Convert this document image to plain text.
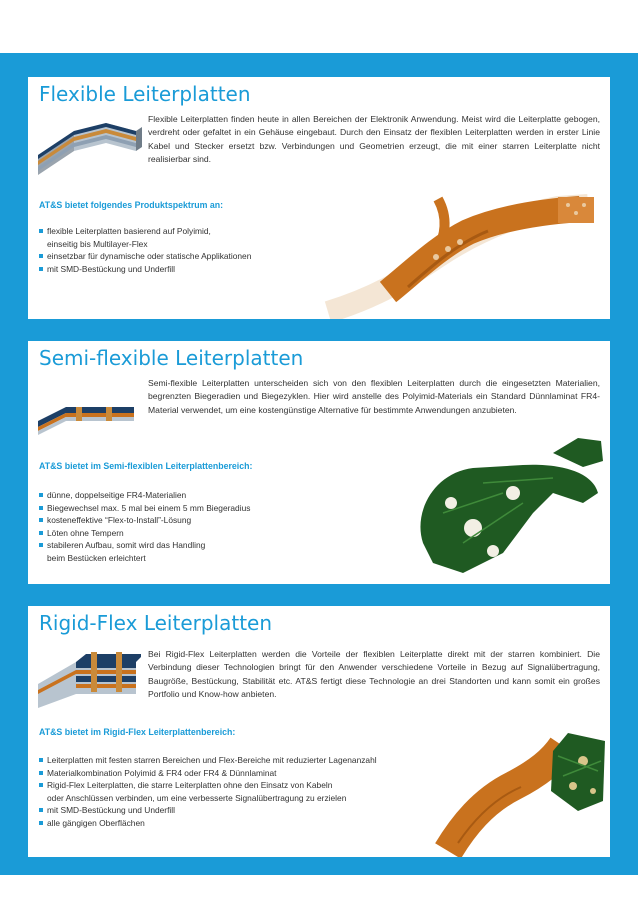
Flexible Leiterplatten

Flexible Leiterplatten finden heute in allen Bereichen der Elektronik Anwendung. Meist wird die Leiterplatte gebogen, verdreht oder gefaltet in ein Gehäuse eingebaut. Durch den Einsatz der flexiblen Leiterplatten werden in erster Linie Kabel und Stecker ersetzt bzw. Verbindungen und Geometrien erzeugt, die mit einer starren Leiterplatte nicht realisierbar sind.

AT&S bietet folgendes Produktspektrum an:

flexible Leiterplatten basierend auf Polyimid,
einseitig bis Multilayer-Flex
einsetzbar für dynamische oder statische Applikationen
mit SMD-Bestückung und Underfill
Semi-flexible Leiterplatten

Semi-flexible Leiterplatten unterscheiden sich von den flexiblen Leiterplatten durch die eingesetzten Materialien, begrenzten Biegeradien und Biegezyklen. Hier wird anstelle des Polyimid-Materials ein Standard Dünnlaminat FR4-Material verwendet, um eine kostengünstige Alternative für bestimmte Anwendungen anzubieten.

AT&S bietet im Semi-flexiblen Leiterplattenbereich:

dünne, doppelseitige FR4-Materialien
Biegewechsel max. 5 mal bei einem 5 mm Biegeradius
kosteneffektive “Flex-to-Install”-Lösung
Löten ohne Tempern
stabileren Aufbau, somit wird das Handling
beim Bestücken erleichtert
Rigid-Flex Leiterplatten

Bei Rigid-Flex Leiterplatten werden die Vorteile der flexiblen Leiterplatte direkt mit der starren kombiniert. Die Verbindung dieser Technologien bringt für den Anwender verschiedene Vorteile in Bezug auf Signalübertragung, Baugröße, Bestückung, Stabilität etc. AT&S fertigt diese Technologie an drei Standorten und kann somit ein großes Portfolio und Know-how anbieten.

AT&S bietet im Rigid-Flex Leiterplattenbereich:

Leiterplatten mit festen starren Bereichen und Flex-Bereiche mit reduzierter Lagenanzahl
Materialkombination Polyimid & FR4 oder FR4 & Dünnlaminat
Rigid-Flex Leiterplatten, die starre Leiterplatten ohne den Einsatz von Kabeln
oder Anschlüssen verbinden, um eine verbesserte Signalübertragung zu erzielen
mit SMD-Bestückung und Underfill
alle gängigen Oberflächen
